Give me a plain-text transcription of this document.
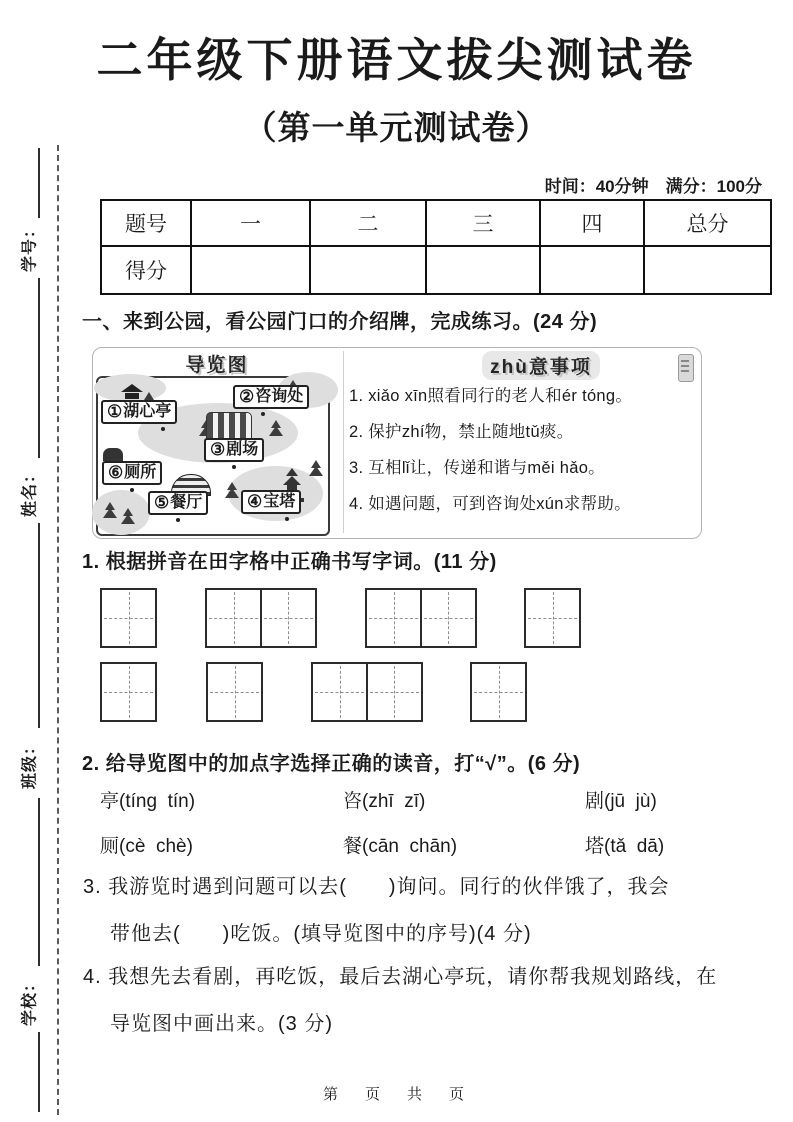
学号：
姓名：
班级：
学校：
二年级下册语文拔尖测试卷
（第一单元测试卷）
时间：40分钟　满分：100分
题号	一	二	三	四	总分
得分					
一、来到公园，看公园门口的介绍牌，完成练习。(24 分)
导览图
① 湖心 亭
② 咨 询处
③ 剧 场
⑥ 厕 所
⑤ 餐 厅	④ 宝 塔
zhù意事项
1. xiǎo xīn照看同行的老人和ér tóng。
2. 保护zhí物，禁止随地tǔ痰。
3. 互相lǐ让，传递和谐与měi hǎo。
4. 如遇问题，可到咨询处xún求帮助。
1. 根据拼音在田字格中正确书写字词。(11 分)
2. 给导览图中的加点字选择正确的读音，打“√”。(6 分)
亭(tíng  tín)	咨(zhī  zī)	剧(jū  jù)
厕(cè  chè)	餐(cān  chān)	塔(tǎ  dā)
3. 我游览时遇到问题可以去(　　)询问。同行的伙伴饿了，我会
带他去(　　)吃饭。(填导览图中的序号)(4 分)
4. 我想先去看剧，再吃饭，最后去湖心亭玩，请你帮我规划路线，在
导览图中画出来。(3 分)
第　页　共　页
